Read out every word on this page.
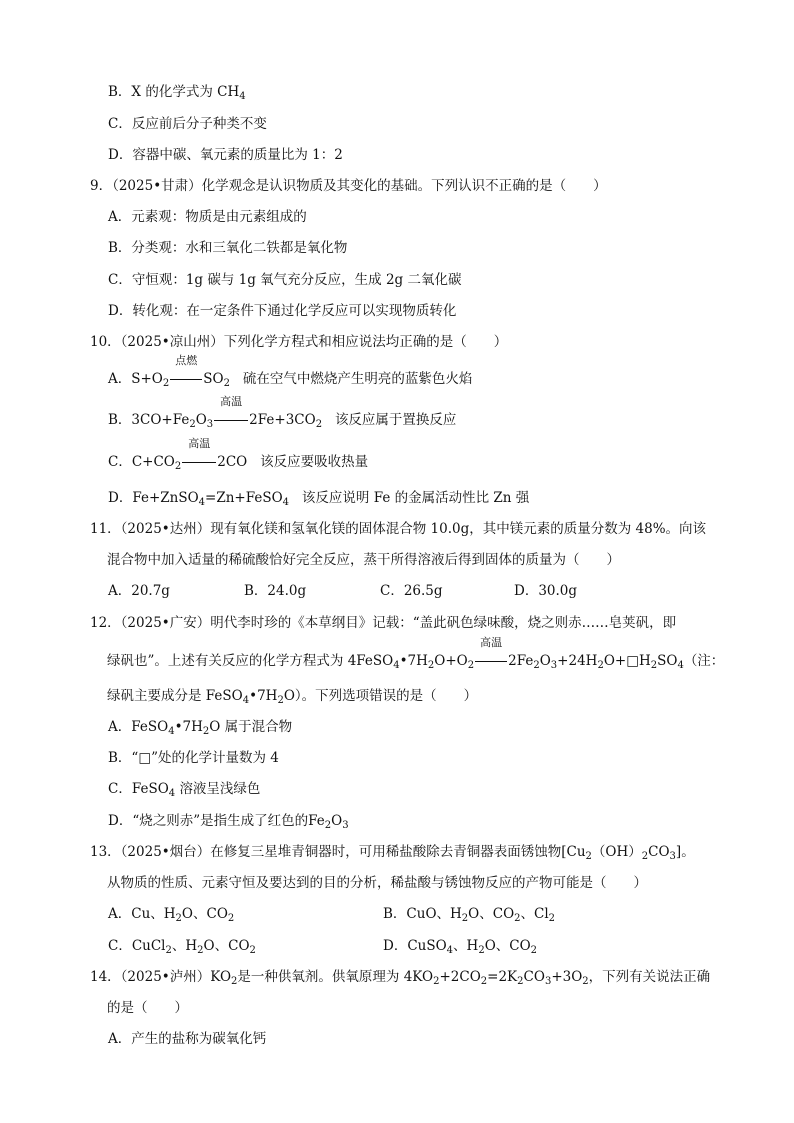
B．X 的化学式为 $CH_4$
C．反应前后分子种类不变
D．容器中碳、氧元素的质量比为 1：2
9．（2025•甘肃）化学观念是认识物质及其变化的基础。下列认识不正确的是（　　）
A．元素观：物质是由元素组成的
B．分类观：水和三氧化二铁都是氧化物
C．守恒观：1g 碳与 1g 氧气充分反应，生成 2g 二氧化碳
D．转化观：在一定条件下通过化学反应可以实现物质转化
10．（2025•凉山州）下列化学方程式和相应说法均正确的是（　　）
A．$S+O_2$
点燃
$SO_2$ 硫在空气中燃烧产生明亮的蓝紫色火焰
B．$3CO+Fe_2O_3$
高温
$2Fe+3CO_2$ 该反应属于置换反应
C．$C+CO_2$
高温
2CO   该反应要吸收热量
D．Fe+ZnSO$_4$=Zn+FeSO$_4$ 该反应说明 Fe 的金属活动性比 Zn 强
11．（2025•达州）现有氧化镁和氢氧化镁的固体混合物 10.0g，其中镁元素的质量分数为 48%。向该
混合物中加入适量的稀硫酸恰好完全反应，蒸干所得溶液后得到固体的质量为（　　）
A．20.7g	B．24.0g	C．26.5g	D．30.0g
12．（2025•广安）明代李时珍的《本草纲目》记载：“盖此矾色绿味酸，烧之则赤……皂荚矾，即
绿矾也”。上述有关反应的化学方程式为 $4FeSO_4•7H_2O+O_2$
高温
$2Fe_2O_3+24H_2O+□H_2SO_4$（注：
绿矾主要成分是 $FeSO_4•7H_2O$）。下列选项错误的是（　　）
A．$FeSO_4•7H_2O$ 属于混合物
B．“□”处的化学计量数为 4
C．FeSO$_4$ 溶液呈浅绿色
D．“烧之则赤”是指生成了红色的$Fe_2O_3$
13．（2025•烟台）在修复三星堆青铜器时，可用稀盐酸除去青铜器表面锈蚀物$[Cu_2(OH)_2CO_3]$。
从物质的性质、元素守恒及要达到的目的分析，稀盐酸与锈蚀物反应的产物可能是（　　）
A．Cu、$H_2O$、$CO_2$	B．CuO、$H_2O$、$CO_2$、$Cl_2$
C．CuCl$_2$、$H_2O$、$CO_2$	D．CuSO$_4$、$H_2O$、$CO_2$
14．（2025•泸州）$KO_2$是一种供氧剂。供氧原理为 $4KO_2+2CO_2=2K_2CO_3+3O_2$，下列有关说法正确
的是（　　）
A．产生的盐称为碳氧化钙
